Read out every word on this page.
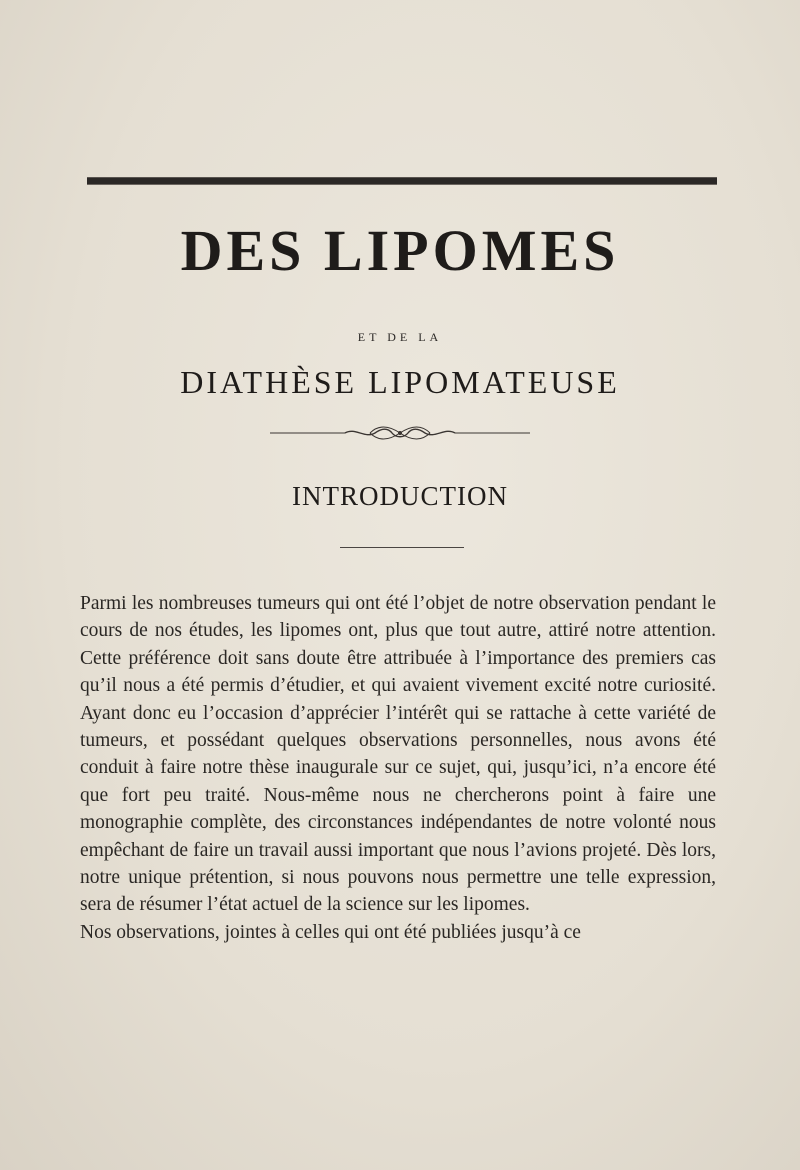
DES LIPOMES
ET DE LA
DIATHÈSE LIPOMATEUSE
INTRODUCTION

Parmi les nombreuses tumeurs qui ont été l’objet de notre observation pendant le cours de nos études, les lipomes ont, plus que tout autre, attiré notre attention. Cette préférence doit sans doute être attribuée à l’importance des premiers cas qu’il nous a été permis d’étudier, et qui avaient vivement excité notre curiosité. Ayant donc eu l’occasion d’apprécier l’intérêt qui se rattache à cette variété de tumeurs, et possédant quelques observations personnelles, nous avons été conduit à faire notre thèse inaugurale sur ce sujet, qui, jusqu’ici, n’a encore été que fort peu traité. Nous-même nous ne chercherons point à faire une monographie complète, des circonstances indépendantes de notre volonté nous empêchant de faire un travail aussi important que nous l’avions projeté. Dès lors, notre unique prétention, si nous pouvons nous permettre une telle expression, sera de résumer l’état actuel de la science sur les lipomes.

Nos observations, jointes à celles qui ont été publiées jusqu’à ce
